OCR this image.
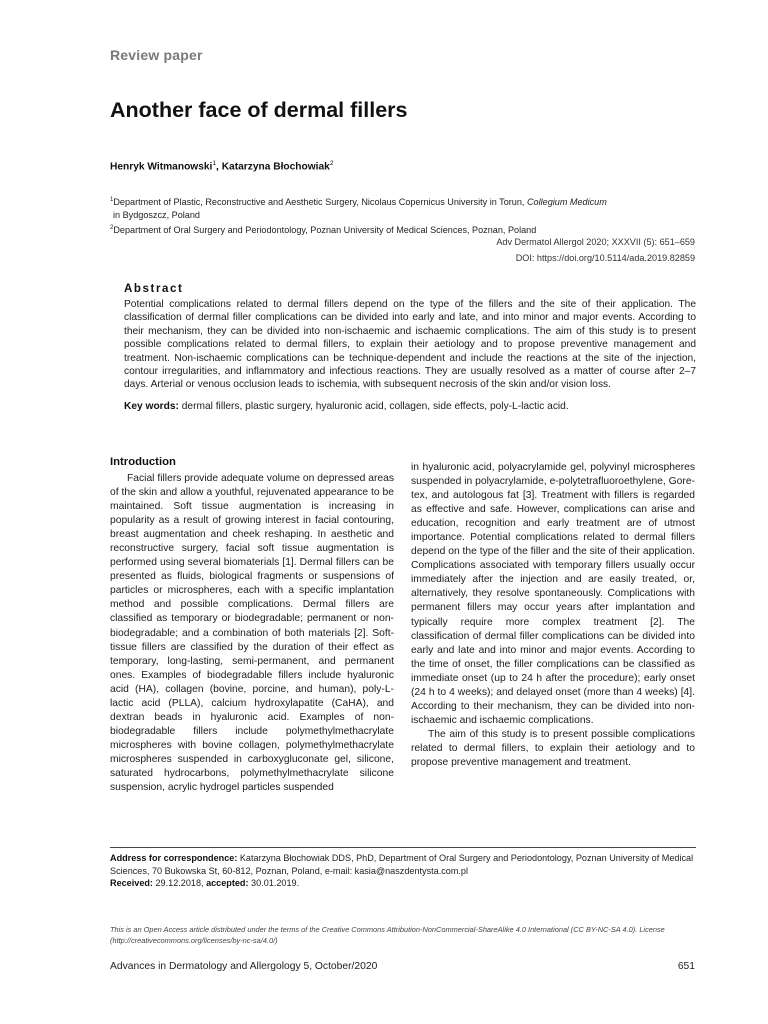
Review paper
Another face of dermal fillers
Henryk Witmanowski$^1$, Katarzyna Błochowiak$^2$
$^1$Department of Plastic, Reconstructive and Aesthetic Surgery, Nicolaus Copernicus University in Torun, Collegium Medicum
in Bydgoszcz, Poland
$^2$Department of Oral Surgery and Periodontology, Poznan University of Medical Sciences, Poznan, Poland
Adv Dermatol Allergol 2020; XXXVII (5): 651–659
DOI: https://doi.org/10.5114/ada.2019.82859
Abstract
Potential complications related to dermal fillers depend on the type of the fillers and the site of their application. The classification of dermal filler complications can be divided into early and late, and into minor and major events. According to their mechanism, they can be divided into non-ischaemic and ischaemic complications. The aim of this study is to present possible complications related to dermal fillers, to explain their aetiology and to propose preventive management and treatment. Non-ischaemic complications can be technique-dependent and include the reactions at the site of the injection, contour irregularities, and inflammatory and infectious reactions. They are usually resolved as a matter of course after 2–7 days. Arterial or venous occlusion leads to ischemia, with subsequent necrosis of the skin and/or vision loss.
Key words: dermal fillers, plastic surgery, hyaluronic acid, collagen, side effects, poly-L-lactic acid.
Introduction

Facial fillers provide adequate volume on depressed areas of the skin and allow a youthful, rejuvenated appearance to be maintained. Soft tissue augmentation is increasing in popularity as a result of growing interest in facial contouring, breast augmentation and cheek reshaping. In aesthetic and reconstructive surgery, facial soft tissue augmentation is performed using several biomaterials [1]. Dermal fillers can be presented as fluids, biological fragments or suspensions of particles or microspheres, each with a specific implantation method and possible complications. Dermal fillers are classified as temporary or biodegradable; permanent or non-biodegradable; and a combination of both materials [2]. Soft-tissue fillers are classified by the duration of their effect as temporary, long-lasting, semi-permanent, and permanent ones. Examples of biodegradable fillers include hyaluronic acid (HA), collagen (bovine, porcine, and human), poly-L-lactic acid (PLLA), calcium hydroxylapatite (CaHA), and dextran beads in hyaluronic acid. Examples of non-biodegradable fillers include polymethylmethacrylate microspheres with bovine collagen, polymethylmethacrylate microspheres suspended in carboxygluconate gel, silicone, saturated hydrocarbons, polymethylmethacrylate silicone suspension, acrylic hydrogel particles suspended

in hyaluronic acid, polyacrylamide gel, polyvinyl microspheres suspended in polyacrylamide, e-polytetrafluoroethylene, Gore-tex, and autologous fat [3]. Treatment with fillers is regarded as effective and safe. However, complications can arise and education, recognition and early treatment are of utmost importance. Potential complications related to dermal fillers depend on the type of the filler and the site of their application. Complications associated with temporary fillers usually occur immediately after the injection and are easily treated, or, alternatively, they resolve spontaneously. Complications with permanent fillers may occur years after implantation and typically require more complex treatment [2]. The classification of dermal filler complications can be divided into early and late and into minor and major events. According to the time of onset, the filler complications can be classified as immediate onset (up to 24 h after the procedure); early onset (24 h to 4 weeks); and delayed onset (more than 4 weeks) [4]. According to their mechanism, they can be divided into non-ischaemic and ischaemic complications.

The aim of this study is to present possible complications related to dermal fillers, to explain their aetiology and to propose preventive management and treatment.

Address for correspondence: Katarzyna Błochowiak DDS, PhD, Department of Oral Surgery and Periodontology, Poznan University of Medical Sciences, 70 Bukowska St, 60-812, Poznan, Poland, e-mail: kasia@naszdentysta.com.pl
Received: 29.12.2018, accepted: 30.01.2019.
This is an Open Access article distributed under the terms of the Creative Commons Attribution-NonCommercial-ShareAlike 4.0 International (CC BY-NC-SA 4.0). License (http://creativecommons.org/licenses/by-nc-sa/4.0/)
Advances in Dermatology and Allergology 5, October/2020	651
